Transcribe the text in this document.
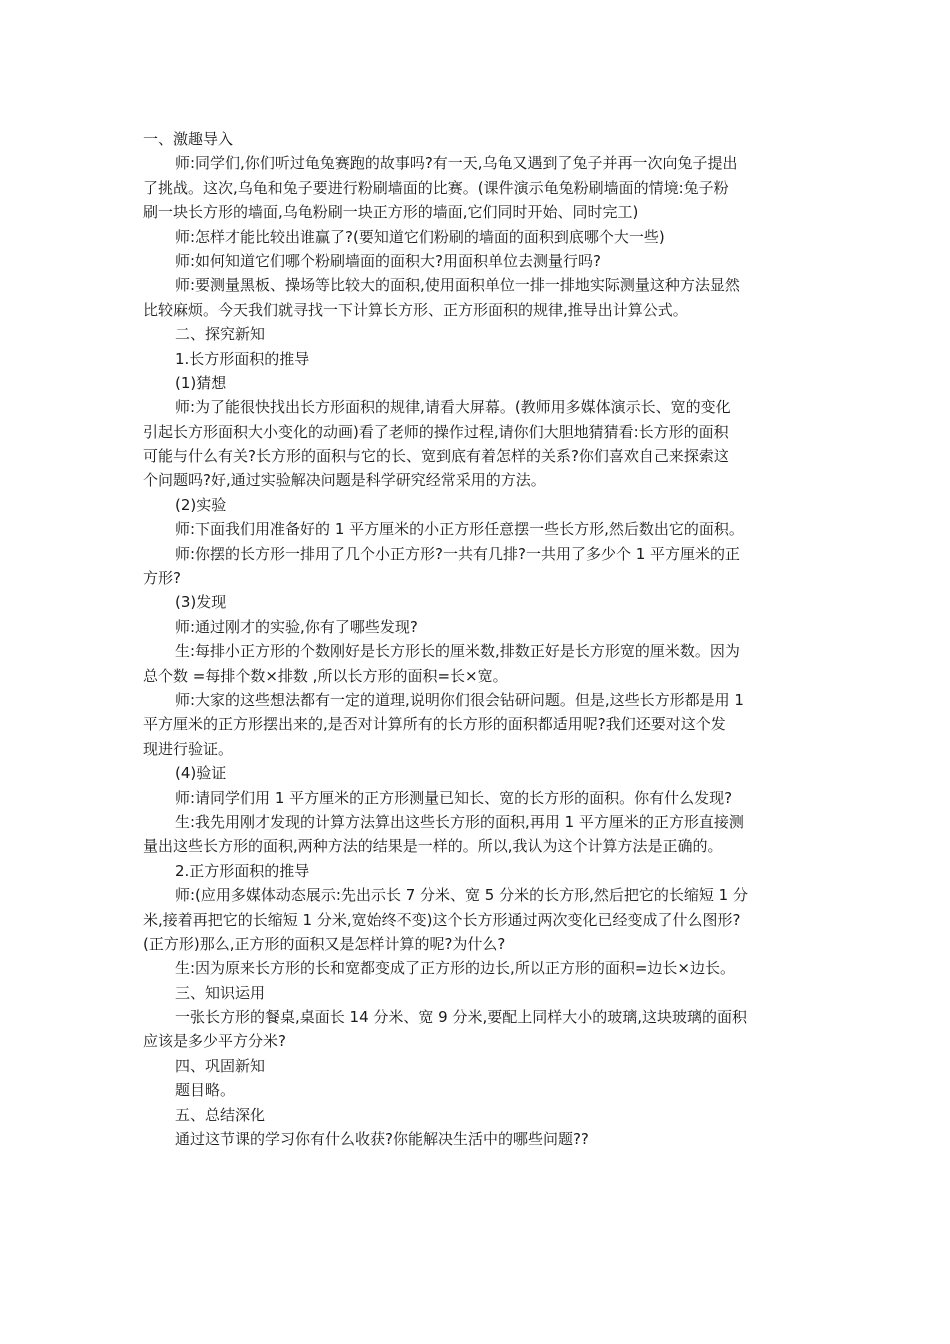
一、激趣导入

师:同学们,你们听过龟兔赛跑的故事吗?有一天,乌龟又遇到了兔子并再一次向兔子提出

了挑战。这次,乌龟和兔子要进行粉刷墙面的比赛。(课件演示龟兔粉刷墙面的情境:兔子粉

刷一块长方形的墙面,乌龟粉刷一块正方形的墙面,它们同时开始、同时完工)

师:怎样才能比较出谁赢了?(要知道它们粉刷的墙面的面积到底哪个大一些)

师:如何知道它们哪个粉刷墙面的面积大?用面积单位去测量行吗?

师:要测量黑板、操场等比较大的面积,使用面积单位一排一排地实际测量这种方法显然

比较麻烦。今天我们就寻找一下计算长方形、正方形面积的规律,推导出计算公式。

二、探究新知

1.长方形面积的推导

(1)猜想

师:为了能很快找出长方形面积的规律,请看大屏幕。(教师用多媒体演示长、宽的变化

引起长方形面积大小变化的动画)看了老师的操作过程,请你们大胆地猜猜看:长方形的面积

可能与什么有关?长方形的面积与它的长、宽到底有着怎样的关系?你们喜欢自己来探索这

个问题吗?好,通过实验解决问题是科学研究经常采用的方法。

(2)实验

师:下面我们用准备好的 1 平方厘米的小正方形任意摆一些长方形,然后数出它的面积。

师:你摆的长方形一排用了几个小正方形?一共有几排?一共用了多少个 1 平方厘米的正

方形?

(3)发现

师:通过刚才的实验,你有了哪些发现?

生:每排小正方形的个数刚好是长方形长的厘米数,排数正好是长方形宽的厘米数。因为

总个数 =每排个数×排数 ,所以长方形的面积=长×宽。

师:大家的这些想法都有一定的道理,说明你们很会钻研问题。但是,这些长方形都是用 1

平方厘米的正方形摆出来的,是否对计算所有的长方形的面积都适用呢?我们还要对这个发

现进行验证。

(4)验证

师:请同学们用 1 平方厘米的正方形测量已知长、宽的长方形的面积。你有什么发现?

生:我先用刚才发现的计算方法算出这些长方形的面积,再用 1 平方厘米的正方形直接测

量出这些长方形的面积,两种方法的结果是一样的。所以,我认为这个计算方法是正确的。

2.正方形面积的推导

师:(应用多媒体动态展示:先出示长 7 分米、宽 5 分米的长方形,然后把它的长缩短 1 分

米,接着再把它的长缩短 1 分米,宽始终不变)这个长方形通过两次变化已经变成了什么图形?

(正方形)那么,正方形的面积又是怎样计算的呢?为什么?

生:因为原来长方形的长和宽都变成了正方形的边长,所以正方形的面积=边长×边长。

三、知识运用

一张长方形的餐桌,桌面长 14 分米、宽 9 分米,要配上同样大小的玻璃,这块玻璃的面积

应该是多少平方分米?

四、巩固新知

题目略。

五、总结深化

通过这节课的学习你有什么收获?你能解决生活中的哪些问题??
